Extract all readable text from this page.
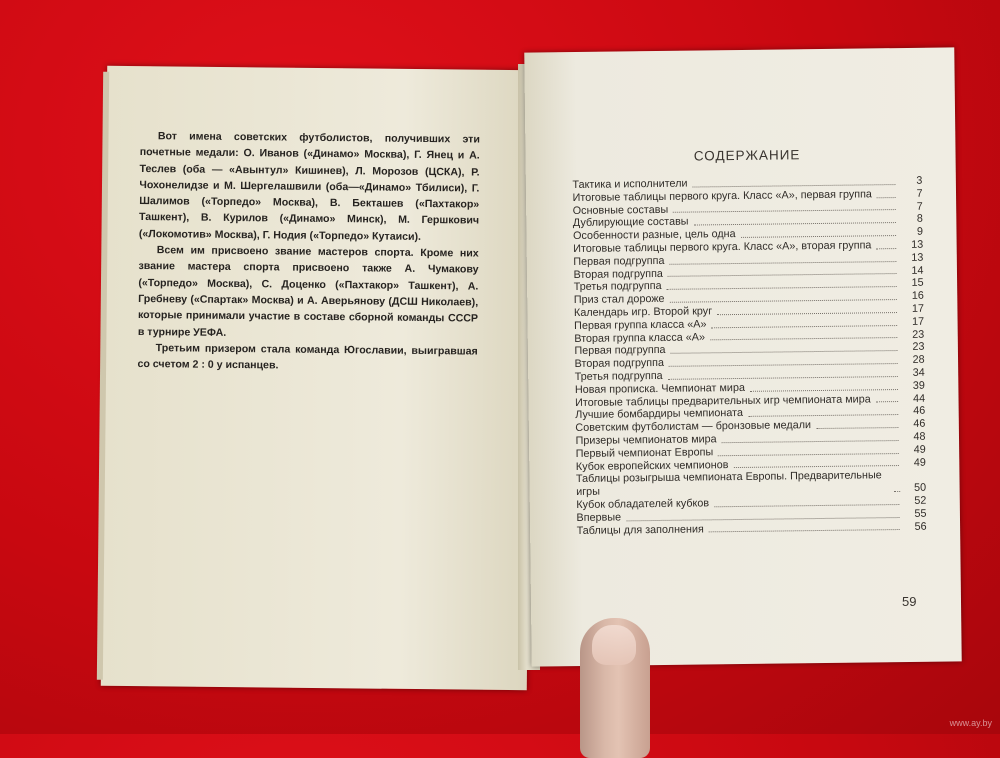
Вот имена советских футболистов, получивших эти почетные медали: О. Иванов («Динамо» Москва), Г. Янец и А. Теслев (оба — «Авынтул» Кишинев), Л. Морозов (ЦСКА), Р. Чохонелидзе и М. Шергелашвили (оба—«Динамо» Тбилиси), Г. Шалимов («Торпедо» Москва), В. Бекташев («Пахтакор» Ташкент), В. Курилов («Динамо» Минск), М. Гершкович («Локомотив» Москва), Г. Нодия («Торпедо» Кутаиси).

Всем им присвоено звание мастеров спорта. Кроме них звание мастера спорта присвоено также А. Чумакову («Торпедо» Москва), С. Доценко («Пахтакор» Ташкент), А. Гребневу («Спартак» Москва) и А. Аверьянову (ДСШ Николаев), которые принимали участие в составе сборной команды СССР в турнире УЕФА.

Третьим призером стала команда Югославии, выигравшая со счетом 2 : 0 у испанцев.

СОДЕРЖАНИЕ
Тактика и исполнители	3
Итоговые таблицы первого круга. Класс «А», первая группа	7
Основные составы	7
Дублирующие составы	8
Особенности разные, цель одна	9
Итоговые таблицы первого круга. Класс «А», вторая группа	13
Первая подгруппа	13
Вторая подгруппа	14
Третья подгруппа	15
Приз стал дороже	16
Календарь игр. Второй круг	17
Первая группа класса «А»	17
Вторая группа класса «А»	23
Первая подгруппа	23
Вторая подгруппа	28
Третья подгруппа	34
Новая прописка. Чемпионат мира	39
Итоговые таблицы предварительных игр чемпионата мира	44
Лучшие бомбардиры чемпионата	46
Советским футболистам — бронзовые медали	46
Призеры чемпионатов мира	48
Первый чемпионат Европы	49
Кубок европейских чемпионов	49
Таблицы розыгрыша чемпионата Европы. Предварительные игры	50
Кубок обладателей кубков	52
Впервые	55
Таблицы для заполнения	56
59
www.ay.by
